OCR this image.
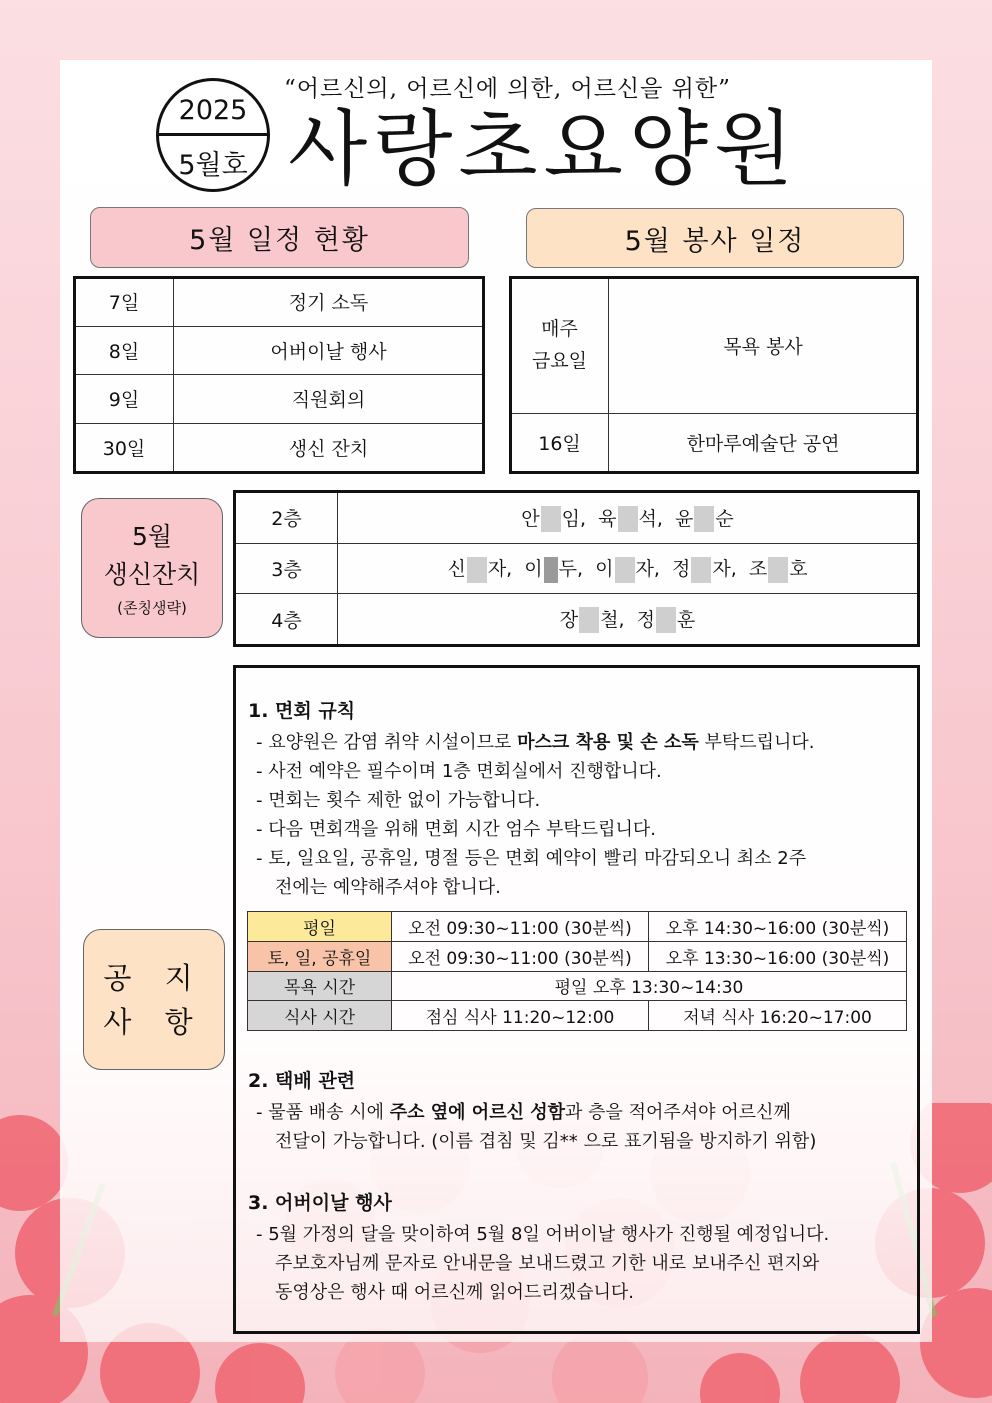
2025
5월호
“어르신의, 어르신에 의한, 어르신을 위한”
사랑초요양원
5월 일정 현황	5월 봉사 일정
7일	정기 소독
8일	어버이날 행사
9일	직원회의
30일	생신 잔치
매주
금요일	목욕 봉사
16일	한마루예술단 공연
5월
생신잔치
(존칭생략)
2층	안 임,  육 석,  윤 순
3층	신 자,  이 두,  이 자,  정 자,  조 호
4층	장 철,  정 훈
공 지
사 항
1. 면회 규칙
- 요양원은 감염 취약 시설이므로 마스크 착용 및 손 소독 부탁드립니다.
- 사전 예약은 필수이며 1층 면회실에서 진행합니다.
- 면회는 횟수 제한 없이 가능합니다.
- 다음 면회객을 위해 면회 시간 엄수 부탁드립니다.
- 토, 일요일, 공휴일, 명절 등은 면회 예약이 빨리 마감되오니 최소 2주
전에는 예약해주셔야 합니다.
평일	오전 09:30~11:00 (30분씩)	오후 14:30~16:00 (30분씩)
토, 일, 공휴일	오전 09:30~11:00 (30분씩)	오후 13:30~16:00 (30분씩)
목욕 시간	평일 오후 13:30~14:30	
식사 시간	점심 식사 11:20~12:00	저녁 식사 16:20~17:00
2. 택배 관련
- 물품 배송 시에 주소 옆에 어르신 성함과 층을 적어주셔야 어르신께
전달이 가능합니다. (이름 겹침 및 김** 으로 표기됨을 방지하기 위함)
3. 어버이날 행사
- 5월 가정의 달을 맞이하여 5월 8일 어버이날 행사가 진행될 예정입니다.
주보호자님께 문자로 안내문을 보내드렸고 기한 내로 보내주신 편지와
동영상은 행사 때 어르신께 읽어드리겠습니다.
